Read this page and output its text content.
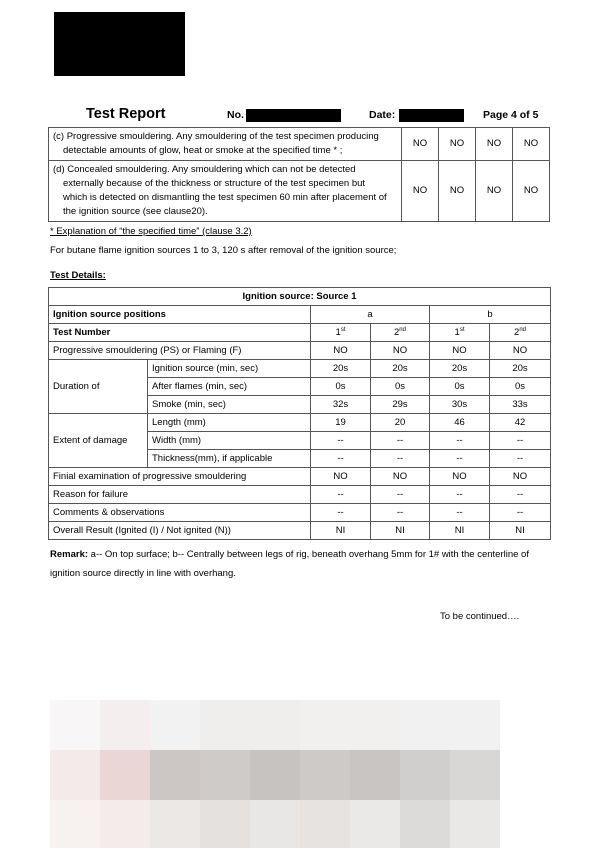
Test Report	No.	Date:	Page 4 of 5
(c) Progressive smouldering. Any smouldering of the test specimen producing
detectable amounts of glow, heat or smoke at the specified time * ;	NO	NO	NO	NO
(d) Concealed smouldering. Any smouldering which can not be detected
externally because of the thickness or structure of the test specimen but
which is detected on dismantling the test specimen 60 min after placement of
the ignition source (see clause20).	NO	NO	NO	NO
* Explanation of “the specified time” (clause 3.2)
For butane flame ignition sources 1 to 3, 120 s after removal of the ignition source;
Test Details:
Ignition source: Source 1					
Ignition source positions		a		b	
Test Number		1st	2nd	1st	2nd
Progressive smouldering (PS) or Flaming (F)		NO	NO	NO	NO
Duration of	Ignition source (min, sec)	20s	20s	20s	20s
	After flames (min, sec)	0s	0s	0s	0s
	Smoke (min, sec)	32s	29s	30s	33s
Extent of damage	Length (mm)	19	20	46	42
	Width (mm)	--	--	--	--
	Thickness(mm), if applicable	--	--	--	--
Finial examination of progressive smouldering		NO	NO	NO	NO
Reason for failure		--	--	--	--
Comments & observations		--	--	--	--
Overall Result (Ignited (I) / Not ignited (N))		NI	NI	NI	NI
Remark: a-- On top surface; b-- Centrally between legs of rig, beneath overhang 5mm for 1# with the centerline of ignition source directly in line with overhang.
To be continued….
